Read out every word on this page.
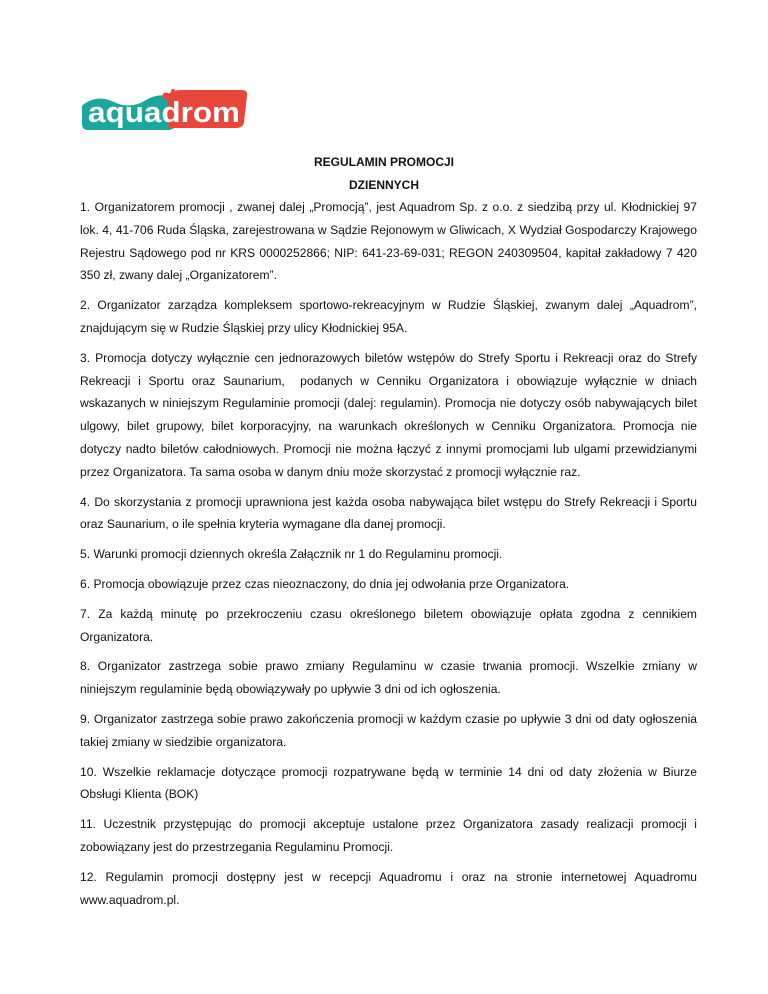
aquadrom

REGULAMIN PROMOCJI

DZIENNYCH

1. Organizatorem promocji , zwanej dalej „Promocją”, jest Aquadrom Sp. z o.o. z siedzibą przy ul. Kłodnickiej 97 lok. 4, 41-706 Ruda Śląska, zarejestrowana w Sądzie Rejonowym w Gliwicach, X Wydział Gospodarczy Krajowego Rejestru Sądowego pod nr KRS 0000252866; NIP: 641-23-69-031; REGON 240309504, kapitał zakładowy 7 420 350 zł, zwany dalej „Organizatorem”.

2. Organizator zarządza kompleksem sportowo-rekreacyjnym w Rudzie Śląskiej, zwanym dalej „Aquadrom”, znajdującym się w Rudzie Śląskiej przy ulicy Kłodnickiej 95A.

3. Promocja dotyczy wyłącznie cen jednorazowych biletów wstępów do Strefy Sportu i Rekreacji oraz do Strefy Rekreacji i Sportu oraz Saunarium,  podanych w Cenniku Organizatora i obowiązuje wyłącznie w dniach wskazanych w niniejszym Regulaminie promocji (dalej: regulamin). Promocja nie dotyczy osób nabywających bilet ulgowy, bilet grupowy, bilet korporacyjny, na warunkach określonych w Cenniku Organizatora. Promocja nie dotyczy nadto biletów całodniowych. Promocji nie można łączyć z innymi promocjami lub ulgami przewidzianymi przez Organizatora. Ta sama osoba w danym dniu może skorzystać z promocji wyłącznie raz.

4. Do skorzystania z promocji uprawniona jest każda osoba nabywająca bilet wstępu do Strefy Rekreacji i Sportu oraz Saunarium, o ile spełnia kryteria wymagane dla danej promocji.

5. Warunki promocji dziennych określa Załącznik nr 1 do Regulaminu promocji.

6. Promocja obowiązuje przez czas nieoznaczony, do dnia jej odwołania prze Organizatora.

7. Za każdą minutę po przekroczeniu czasu określonego biletem obowiązuje opłata zgodna z cennikiem Organizatora.

8. Organizator zastrzega sobie prawo zmiany Regulaminu w czasie trwania promocji. Wszelkie zmiany w niniejszym regulaminie będą obowiązywały po upływie 3 dni od ich ogłoszenia.

9. Organizator zastrzega sobie prawo zakończenia promocji w każdym czasie po upływie 3 dni od daty ogłoszenia takiej zmiany w siedzibie organizatora.

10. Wszelkie reklamacje dotyczące promocji rozpatrywane będą w terminie 14 dni od daty złożenia w Biurze Obsługi Klienta (BOK)

11. Uczestnik przystępując do promocji akceptuje ustalone przez Organizatora zasady realizacji promocji i zobowiązany jest do przestrzegania Regulaminu Promocji.

12. Regulamin promocji dostępny jest w recepcji Aquadromu i oraz na stronie internetowej Aquadromu www.aquadrom.pl.
